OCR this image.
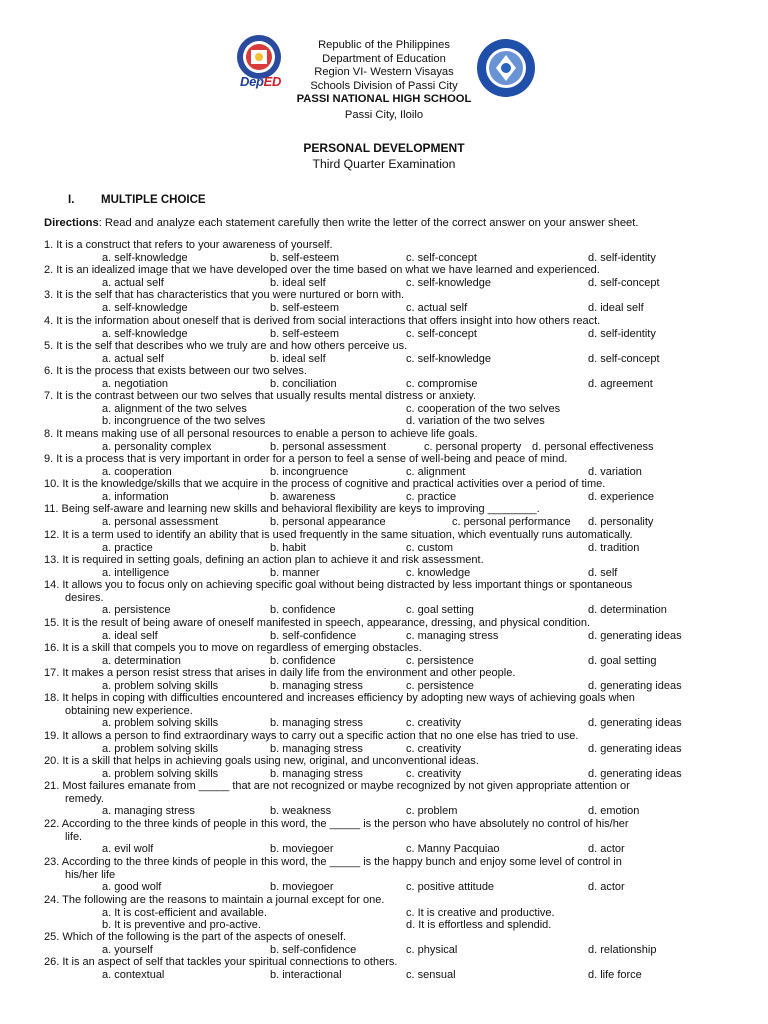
DepED
Republic of the Philippines
Department of Education
Region VI- Western Visayas
Schools Division of Passi City
PASSI NATIONAL HIGH SCHOOL
Passi City, Iloilo
PERSONAL DEVELOPMENT
Third Quarter Examination
I. MULTIPLE CHOICE
Directions: Read and analyze each statement carefully then write the letter of the correct answer on your answer sheet.
1. It is a construct that refers to your awareness of yourself.
a. self-knowledge	b. self-esteem	c. self-concept	d. self-identity
2. It is an idealized image that we have developed over the time based on what we have learned and experienced.
a. actual self	b. ideal self	c. self-knowledge	d. self-concept
3. It is the self that has characteristics that you were nurtured or born with.
a. self-knowledge	b. self-esteem	c. actual self	d. ideal self
4. It is the information about oneself that is derived from social interactions that offers insight into how others react.
a. self-knowledge	b. self-esteem	c. self-concept	d. self-identity
5. It is the self that describes who we truly are and how others perceive us.
a. actual self	b. ideal self	c. self-knowledge	d. self-concept
6. It is the process that exists between our two selves.
a. negotiation	b. conciliation	c. compromise	d. agreement
7. It is the contrast between our two selves that usually results mental distress or anxiety.
a. alignment of the two selves	c. cooperation of the two selves
b. incongruence of the two selves	d. variation of the two selves
8. It means making use of all personal resources to enable a person to achieve life goals.
a. personality complex	b. personal assessment	c. personal property d. personal effectiveness
9. It is a process that is very important in order for a person to feel a sense of well-being and peace of mind.
a. cooperation	b. incongruence	c. alignment	d. variation
10. It is the knowledge/skills that we acquire in the process of cognitive and practical activities over a period of time.
a. information	b. awareness	c. practice	d. experience
11. Being self-aware and learning new skills and behavioral flexibility are keys to improving ________.
a. personal assessment	b. personal appearance	c. personal performance d. personality
12. It is a term used to identify an ability that is used frequently in the same situation, which eventually runs automatically.
a. practice	b. habit	c. custom	d. tradition
13. It is required in setting goals, defining an action plan to achieve it and risk assessment.
a. intelligence	b. manner	c. knowledge	d. self
14. It allows you to focus only on achieving specific goal without being distracted by less important things or spontaneous
desires.
a. persistence	b. confidence	c. goal setting	d. determination
15. It is the result of being aware of oneself manifested in speech, appearance, dressing, and physical condition.
a. ideal self	b. self-confidence	c. managing stress	d. generating ideas
16. It is a skill that compels you to move on regardless of emerging obstacles.
a. determination	b. confidence	c. persistence	d. goal setting
17. It makes a person resist stress that arises in daily life from the environment and other people.
a. problem solving skills	b. managing stress	c. persistence	d. generating ideas
18. It helps in coping with difficulties encountered and increases efficiency by adopting new ways of achieving goals when
obtaining new experience.
a. problem solving skills	b. managing stress	c. creativity	d. generating ideas
19. It allows a person to find extraordinary ways to carry out a specific action that no one else has tried to use.
a. problem solving skills	b. managing stress	c. creativity	d. generating ideas
20. It is a skill that helps in achieving goals using new, original, and unconventional ideas.
a. problem solving skills	b. managing stress	c. creativity	d. generating ideas
21. Most failures emanate from _____ that are not recognized or maybe recognized by not given appropriate attention or
remedy.
a. managing stress	b. weakness	c. problem	d. emotion
22. According to the three kinds of people in this word, the _____ is the person who have absolutely no control of his/her
life.
a. evil wolf	b. moviegoer	c. Manny Pacquiao	d. actor
23. According to the three kinds of people in this word, the _____ is the happy bunch and enjoy some level of control in
his/her life
a. good wolf	b. moviegoer	c. positive attitude	d. actor
24. The following are the reasons to maintain a journal except for one.
a. It is cost-efficient and available.	c. It is creative and productive.
b. It is preventive and pro-active.	d. It is effortless and splendid.
25. Which of the following is the part of the aspects of oneself.
a. yourself	b. self-confidence	c. physical	d. relationship
26. It is an aspect of self that tackles your spiritual connections to others.
a. contextual	b. interactional	c. sensual	d. life force
